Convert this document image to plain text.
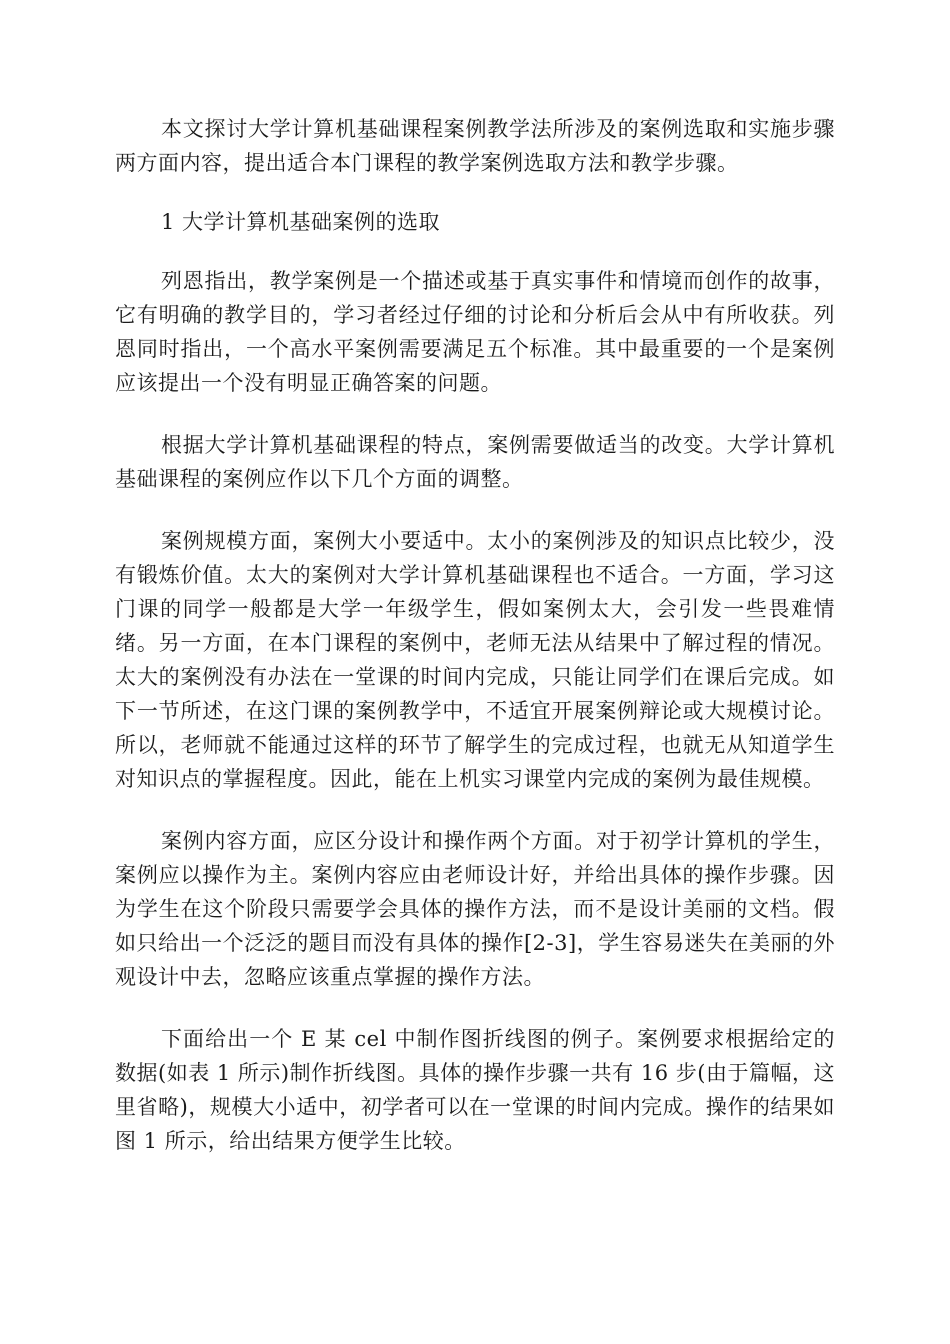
本文探讨大学计算机基础课程案例教学法所涉及的案例选取和实施步骤两方面内容，提出适合本门课程的教学案例选取方法和教学步骤。

1 大学计算机基础案例的选取

列恩指出，教学案例是一个描述或基于真实事件和情境而创作的故事，它有明确的教学目的，学习者经过仔细的讨论和分析后会从中有所收获。列恩同时指出，一个高水平案例需要满足五个标准。其中最重要的一个是案例应该提出一个没有明显正确答案的问题。

根据大学计算机基础课程的特点，案例需要做适当的改变。大学计算机基础课程的案例应作以下几个方面的调整。

案例规模方面，案例大小要适中。太小的案例涉及的知识点比较少，没有锻炼价值。太大的案例对大学计算机基础课程也不适合。一方面，学习这门课的同学一般都是大学一年级学生，假如案例太大，会引发一些畏难情绪。另一方面，在本门课程的案例中，老师无法从结果中了解过程的情况。太大的案例没有办法在一堂课的时间内完成，只能让同学们在课后完成。如下一节所述，在这门课的案例教学中，不适宜开展案例辩论或大规模讨论。所以，老师就不能通过这样的环节了解学生的完成过程，也就无从知道学生对知识点的掌握程度。因此，能在上机实习课堂内完成的案例为最佳规模。

案例内容方面，应区分设计和操作两个方面。对于初学计算机的学生，案例应以操作为主。案例内容应由老师设计好，并给出具体的操作步骤。因为学生在这个阶段只需要学会具体的操作方法，而不是设计美丽的文档。假如只给出一个泛泛的题目而没有具体的操作[2-3]，学生容易迷失在美丽的外观设计中去，忽略应该重点掌握的操作方法。

下面给出一个 E 某 cel 中制作图折线图的例子。案例要求根据给定的数据(如表 1 所示)制作折线图。具体的操作步骤一共有 16 步(由于篇幅，这里省略)，规模大小适中，初学者可以在一堂课的时间内完成。操作的结果如图 1 所示，给出结果方便学生比较。
